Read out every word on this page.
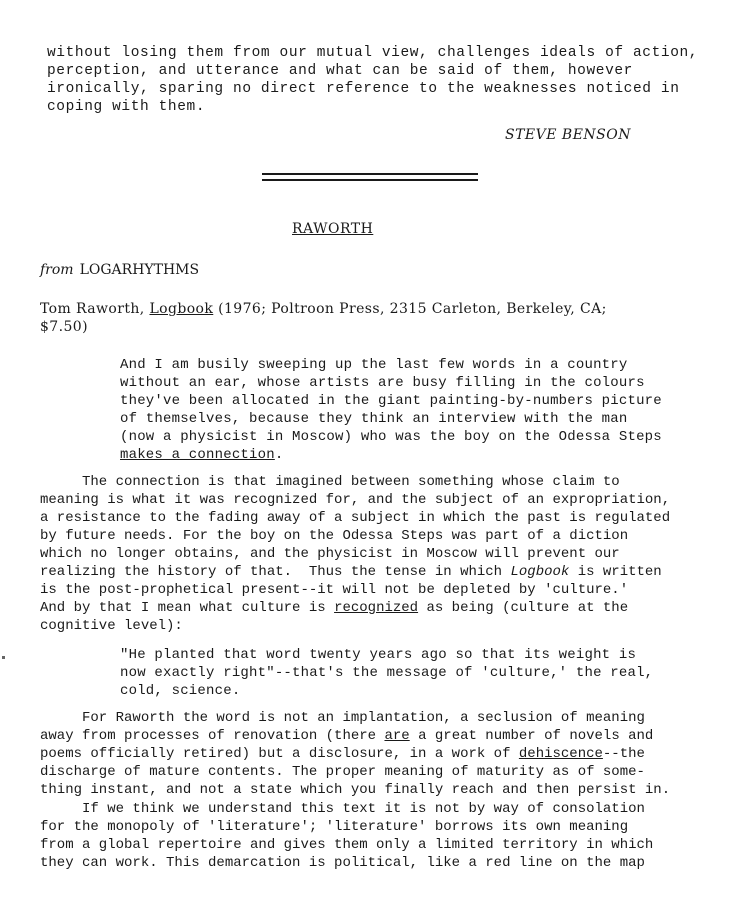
without losing them from our mutual view, challenges ideals of action,
perception, and utterance and what can be said of them, however
ironically, sparing no direct reference to the weaknesses noticed in
coping with them.
STEVE BENSON
RAWORTH
from LOGARHYTHMS
Tom Raworth, Logbook (1976; Poltroon Press, 2315 Carleton, Berkeley, CA;
$7.50)
And I am busily sweeping up the last few words in a country
without an ear, whose artists are busy filling in the colours
they've been allocated in the giant painting-by-numbers picture
of themselves, because they think an interview with the man
(now a physicist in Moscow) who was the boy on the Odessa Steps
makes a connection.
The connection is that imagined between something whose claim to
meaning is what it was recognized for, and the subject of an expropriation,
a resistance to the fading away of a subject in which the past is regulated
by future needs. For the boy on the Odessa Steps was part of a diction
which no longer obtains, and the physicist in Moscow will prevent our
realizing the history of that.  Thus the tense in which Logbook is written
is the post-prophetical present--it will not be depleted by 'culture.'
And by that I mean what culture is recognized as being (culture at the
cognitive level):
"He planted that word twenty years ago so that its weight is
now exactly right"--that's the message of 'culture,' the real,
cold, science.
For Raworth the word is not an implantation, a seclusion of meaning
away from processes of renovation (there are a great number of novels and
poems officially retired) but a disclosure, in a work of dehiscence--the
discharge of mature contents. The proper meaning of maturity as of some-
thing instant, and not a state which you finally reach and then persist in.
If we think we understand this text it is not by way of consolation
for the monopoly of 'literature'; 'literature' borrows its own meaning
from a global repertoire and gives them only a limited territory in which
they can work. This demarcation is political, like a red line on the map
